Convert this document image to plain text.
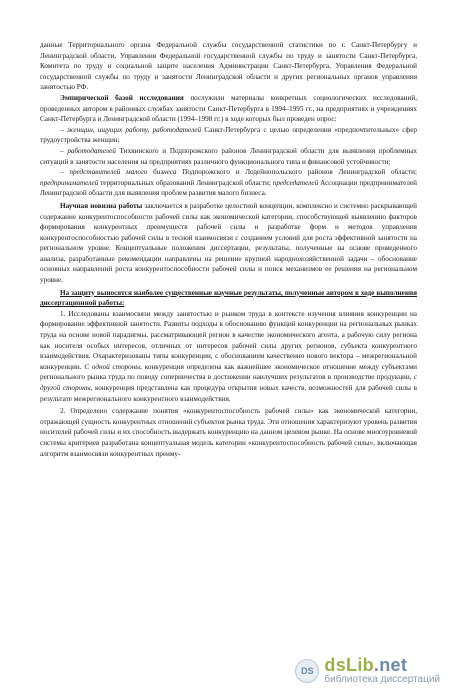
данные Территориального органа Федеральной службы государственной статистики по г. Санкт-Петербургу и Ленинградской области, Управления Федеральной государственной службы по труду и занятости Санкт-Петербурга, Комитета по труду и социальной защите населения Администрации Санкт-Петербурга, Управления Федеральной государственной службы по труду и занятости Ленинградской области и других региональных органов управления занятостью РФ.

Эмпирической базой исследования послужили материалы конкретных социологических исследований, проведенных автором в районных службах занятости Санкт-Петербурга в 1994–1995 гг., на предприятиях и учреждениях Санкт-Петербурга и Ленинградской области (1994–1998 гг.) в ходе которых был проведен опрос:

– женщин, ищущих работу, работодателей Санкт-Петербурга с целью определения «предпочтительных» сфер трудоустройства женщин;

– работодателей Тихвинского и Подпорожского районов Ленинградской области для выявления проблемных ситуаций в занятости населения на предприятиях различного функционального типа и финансовой устойчивости;

– представителей малого бизнеса Подпорожского и Лодейнопольского районов Ленинградской области; предпринимателей территориальных образований Ленинградской области; председателей Ассоциации предпринимателей Ленинградской области для выявления проблем развития малого бизнеса.

Научная новизна работы заключается в разработке целостной концепции, комплексно и системно раскрывающей содержание конкурентоспособности рабочей силы как экономической категории, способствующей выявлению факторов формирования конкурентных преимуществ рабочей силы и разработке форм и методов управления конкурентоспособностью рабочей силы в тесной взаимосвязи с созданием условий для роста эффективной занятости на региональном уровне. Концептуальные положения диссертации, результаты, полученные на основе проведенного анализа, разработанные рекомендации направлены на решение крупной народнохозяйственной задачи – обоснование основных направлений роста конкурентоспособности рабочей силы и поиск механизмов ее решения на региональном уровне.

На защиту выносятся наиболее существенные научные результаты, полученные автором в ходе выполнения диссертационной работы:

1. Исследованы взаимосвязи между занятостью и рынком труда в контексте изучения влияния конкуренции на формирование эффективной занятости. Развиты подходы к обоснованию функций конкуренции на региональных рынках труда на основе новой парадигмы, рассматривающей регион в качестве экономического агента, а рабочую силу региона как носителя особых интересов, отличных от интересов рабочей силы других регионов, субъекта конкурентного взаимодействия. Охарактеризованы типы конкуренции, с обоснованием качественно нового вектора – межрегиональной конкуренции. С одной стороны, конкуренция определена как важнейшее экономическое отношение между субъектами регионального рынка труда по поводу соперничества в достижении наилучших результатов в производстве продукции, с другой стороны, конкуренция представлена как процедура открытия новых качеств, возможностей для рабочей силы в результате межрегионального конкурентного взаимодействия.

2. Определено содержание понятия «конкурентоспособность рабочей силы» как экономической категории, отражающей сущность конкурентных отношений субъектов рынка труда. Эти отношения характеризуют уровень развития носителей рабочей силы и их способность выдержать конкуренцию на данном целевом рынке. На основе многоуровневой системы критериев разработана концептуальная модель категории «конкурентоспособность рабочей силы», включающая алгоритм взаимосвязи конкурентных преиму-

DS dsLib.net
библиотека диссертаций
